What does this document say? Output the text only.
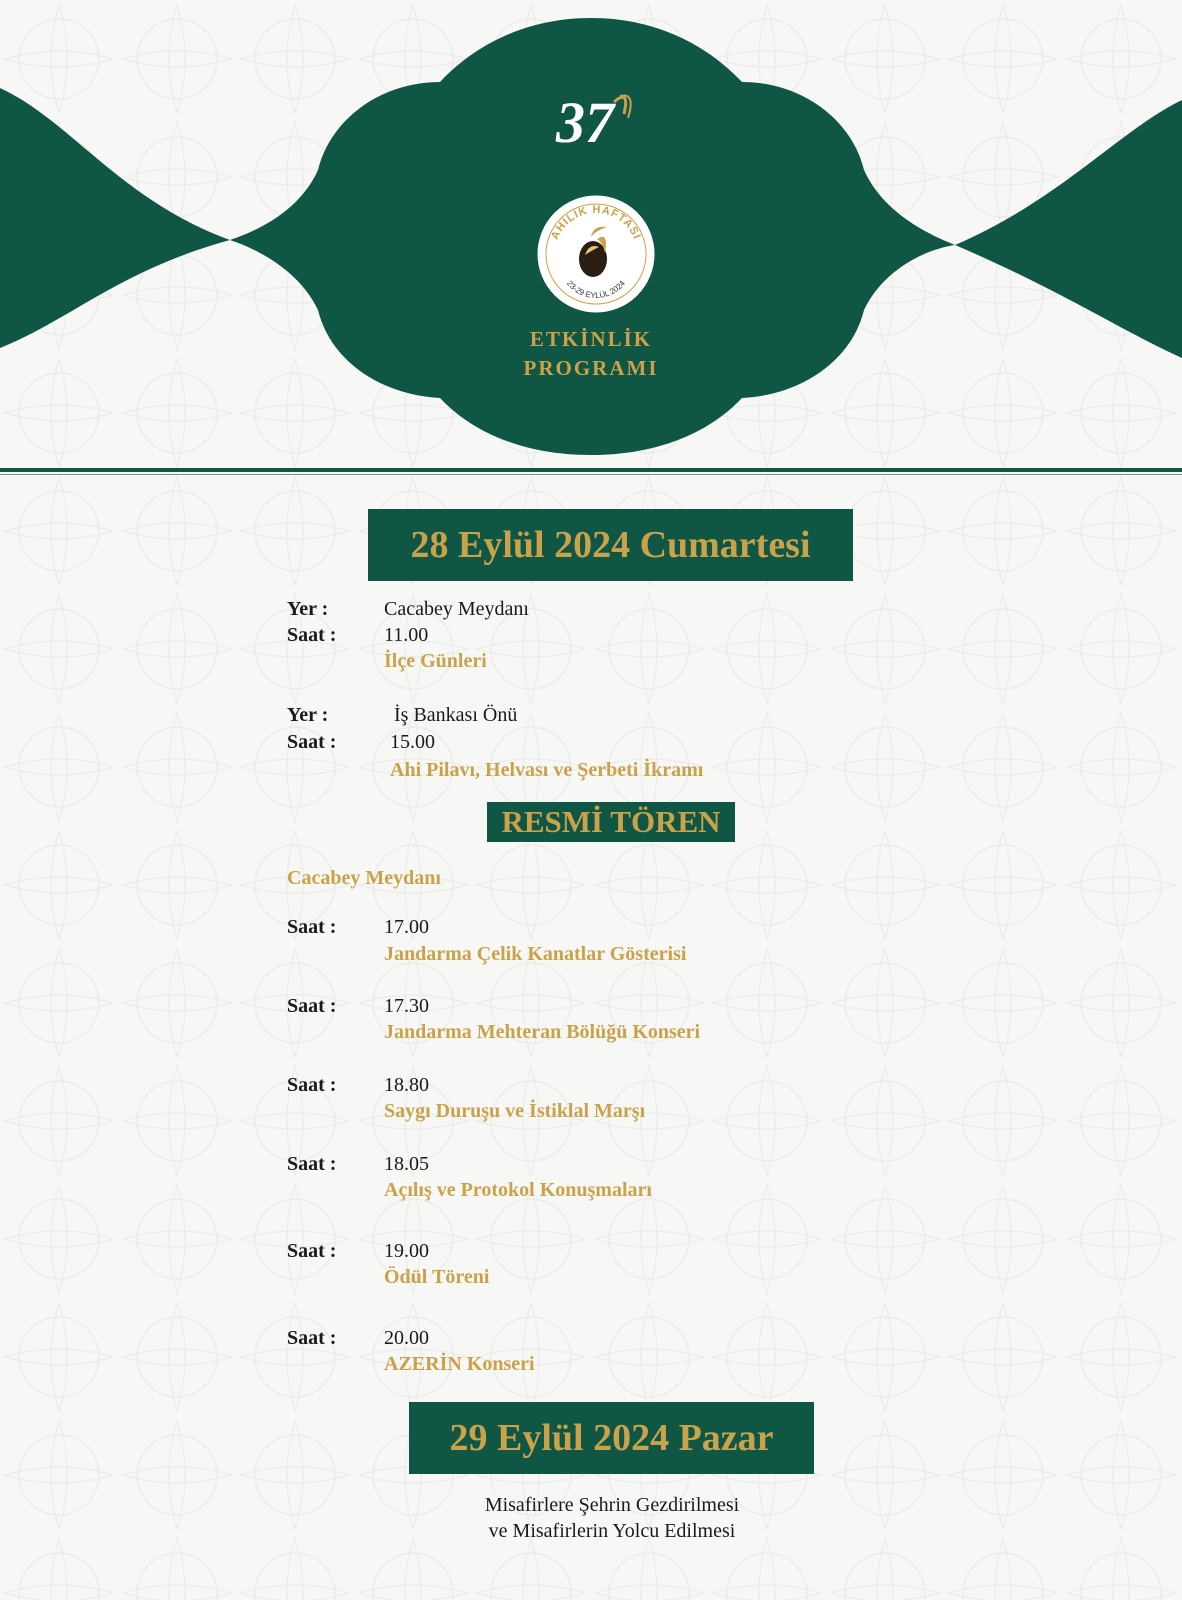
37
AHİLİK HAFTASI
23-29 EYLÜL 2024
ETKİNLİK
PROGRAMI
28 Eylül 2024 Cumartesi
Yer :	Cacabey Meydanı
Saat : 11.00
İlçe Günleri
Yer :	İş Bankası Önü
Saat :	15.00
Ahi Pilavı, Helvası ve Şerbeti İkramı
RESMİ TÖREN
Cacabey Meydanı
Saat : 17.00
Jandarma Çelik Kanatlar Gösterisi
Saat : 17.30
Jandarma Mehteran Bölüğü Konseri
Saat : 18.80
Saygı Duruşu ve İstiklal Marşı
Saat : 18.05
Açılış ve Protokol Konuşmaları
Saat : 19.00
Ödül Töreni
Saat : 20.00
AZERİN Konseri
29 Eylül 2024 Pazar
Misafirlere Şehrin Gezdirilmesi
ve Misafirlerin Yolcu Edilmesi
